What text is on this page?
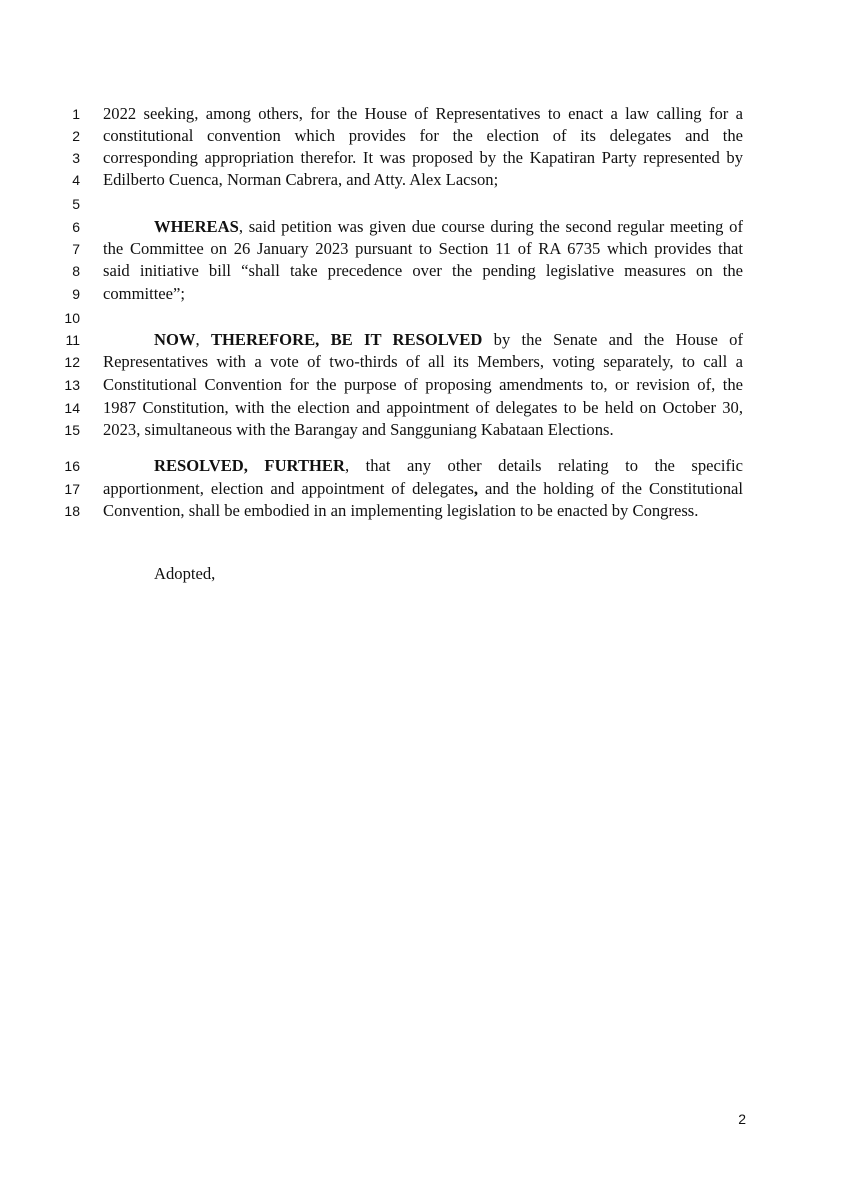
1
2
3
4
5
6
7
8
9
10
11
12
13
14
15
16
17
18
2022 seeking, among others, for the House of Representatives to enact a law calling for a
constitutional convention which provides for the election of its delegates and the
corresponding appropriation therefor. It was proposed by the Kapatiran Party represented by
Edilberto Cuenca, Norman Cabrera, and Atty. Alex Lacson;
WHEREAS, said petition was given due course during the second regular meeting of
the Committee on 26 January 2023 pursuant to Section 11 of RA 6735 which provides that
said initiative bill “shall take precedence over the pending legislative measures on the
committee”;
NOW, THEREFORE, BE IT RESOLVED by the Senate and the House of
Representatives with a vote of two-thirds of all its Members, voting separately, to call a
Constitutional Convention for the purpose of proposing amendments to, or revision of, the
1987 Constitution, with the election and appointment of delegates to be held on October 30,
2023, simultaneous with the Barangay and Sangguniang Kabataan Elections.
RESOLVED, FURTHER, that any other details relating to the specific
apportionment, election and appointment of delegates, and the holding of the Constitutional
Convention, shall be embodied in an implementing legislation to be enacted by Congress.
Adopted,
2
